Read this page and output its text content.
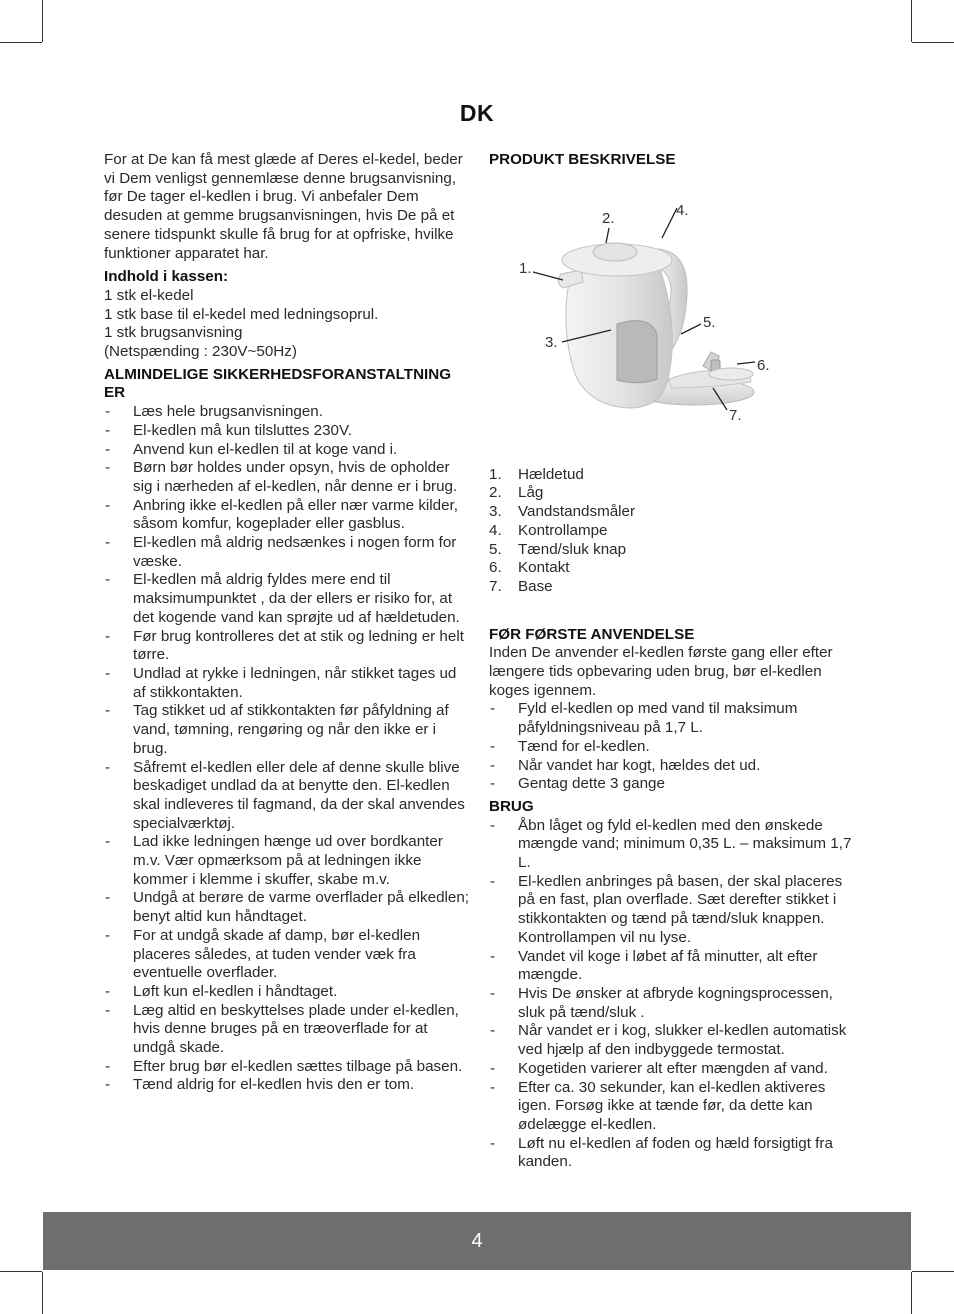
DK

For at De kan få mest glæde af Deres el-kedel, beder vi Dem venligst gennemlæse denne brugsanvisning, før De tager el-kedlen i brug. Vi anbefaler Dem desuden at gemme brugsanvisningen, hvis De på et senere tidspunkt skulle få brug for at opfriske, hvilke funktioner apparatet har.

Indhold i kassen:

1 stk el-kedel

1 stk base til el-kedel med ledningsoprul.

1 stk brugsanvisning

(Netspænding : 230V~50Hz)

ALMINDELIGE SIKKERHEDSFORANSTALTNINGER

- Læs hele brugsanvisningen.
- El-kedlen må kun tilsluttes 230V.
- Anvend kun el-kedlen til at koge vand i.
- Børn bør holdes under opsyn, hvis de opholder sig i nærheden af el-kedlen, når denne er i brug.
- Anbring ikke el-kedlen på eller nær varme kilder, såsom komfur, kogeplader eller gasblus.
- El-kedlen må aldrig nedsænkes i nogen form for væske.
- El-kedlen må aldrig fyldes mere end til maksimumpunktet , da der ellers er risiko for, at det kogende vand kan sprøjte ud af hældetuden.
- Før brug kontrolleres det at stik og ledning er helt tørre.
- Undlad at rykke i ledningen, når stikket tages ud af stikkontakten.
- Tag stikket ud af stikkontakten før påfyldning af vand, tømning, rengøring og når den ikke er i brug.
- Såfremt el-kedlen eller dele af denne skulle blive beskadiget undlad da at benytte den. El-kedlen skal indleveres til fagmand, da der skal anvendes specialværktøj.
- Lad ikke ledningen hænge ud over bordkanter m.v. Vær opmærksom på at ledningen ikke kommer i klemme i skuffer, skabe m.v.
- Undgå at berøre de varme overflader på elkedlen; benyt altid kun håndtaget.
- For at undgå skade af damp, bør el-kedlen placeres således, at tuden vender væk fra eventuelle overflader.
- Løft kun el-kedlen i håndtaget.
- Læg altid en beskyttelses plade under el-kedlen, hvis denne bruges på en træoverflade for at undgå skade.
- Efter brug bør el-kedlen sættes tilbage på basen.
- Tænd aldrig for el-kedlen hvis den er tom.

PRODUKT BESKRIVELSE

1.
2.
3.
4.
5.
6.
7.
1. Hældetud
2. Låg
3. Vandstandsmåler
4. Kontrollampe
5. Tænd/sluk knap
6. Kontakt
7. Base

FØR FØRSTE ANVENDELSE

Inden De anvender el-kedlen første gang eller efter længere tids opbevaring uden brug, bør el-kedlen koges igennem.

- Fyld el-kedlen op med vand til maksimum påfyldningsniveau på 1,7 L.
- Tænd for el-kedlen.
- Når vandet har kogt, hældes det ud.
- Gentag dette 3 gange

BRUG

- Åbn låget og fyld el-kedlen med den ønskede mængde vand; minimum 0,35 L. – maksimum 1,7 L.
- El-kedlen anbringes på basen, der skal placeres på en fast, plan overflade. Sæt derefter stikket i stikkontakten og tænd på tænd/sluk knappen. Kontrollampen vil nu lyse.
- Vandet vil koge i løbet af få minutter, alt efter mængde.
- Hvis De ønsker at afbryde kogningsprocessen, sluk på tænd/sluk .
- Når vandet er i kog, slukker el-kedlen automatisk ved hjælp af den indbyggede termostat.
- Kogetiden varierer alt efter mængden af vand.
- Efter ca. 30 sekunder, kan el-kedlen aktiveres igen. Forsøg ikke at tænde før, da dette kan ødelægge el-kedlen.
- Løft nu el-kedlen af foden og hæld forsigtigt fra kanden.
4
